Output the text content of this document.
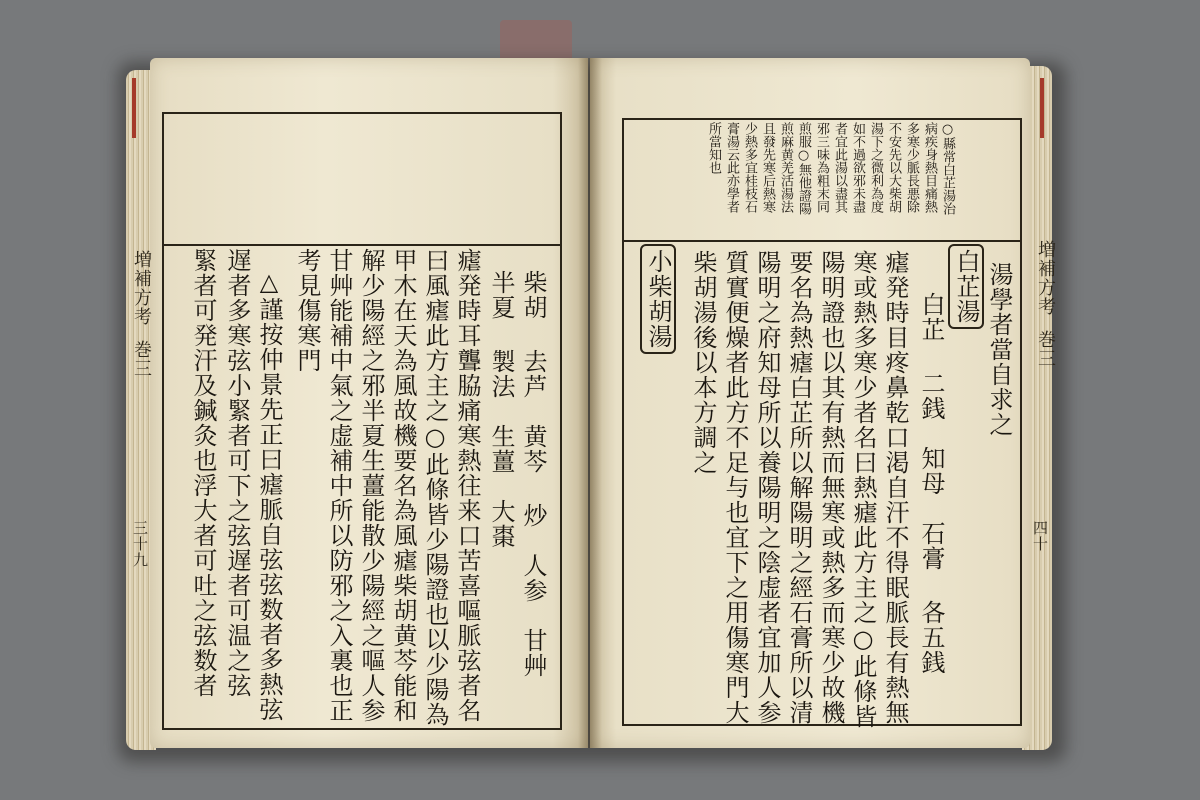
増補方考
巻三
三十九	柴胡 去芦　黄芩 炒　人参　甘艸
半夏 製法　生薑　大棗
瘧発時耳聾脇痛寒熱往来口苦喜嘔脈弦者名
曰風瘧此方主之○此條皆少陽證也以少陽為
甲木在天為風故機要名為風瘧柴胡黄芩能和
解少陽經之邪半夏生薑能散少陽經之嘔人参
甘艸能補中氣之虚補中所以防邪之入裏也正
考見傷寒門
△謹按仲景先正曰瘧脈自弦弦数者多熱弦
遅者多寒弦小緊者可下之弦遅者可温之弦
緊者可発汗及鍼灸也浮大者可吐之弦数者	増補方考
巻三
四十
○縣常白芷湯治
病疾身熱目痛熱
多寒少脈長悪除
不安先以大柴胡
湯下之微利為度
如不過欲邪未盡
者宜此湯以盡其
邪三味為粗末同
煎服○無他證陽
煎麻黄羌活湯法
且發先寒后熱寒
少熱多宜桂枝石
膏湯云此亦學者
所當知也
湯學者當自求之
白芷湯
白芷 二銭　知母　石膏 各五銭
瘧発時目疼鼻乾口渇自汗不得眠脈長有熱無
寒或熱多寒少者名曰熱瘧此方主之○此條皆
陽明證也以其有熱而無寒或熱多而寒少故機
要名為熱瘧白芷所以解陽明之經石膏所以清
陽明之府知母所以養陽明之陰虚者宜加人参
質實便燥者此方不足与也宜下之用傷寒門大
柴胡湯後以本方調之
小柴胡湯
